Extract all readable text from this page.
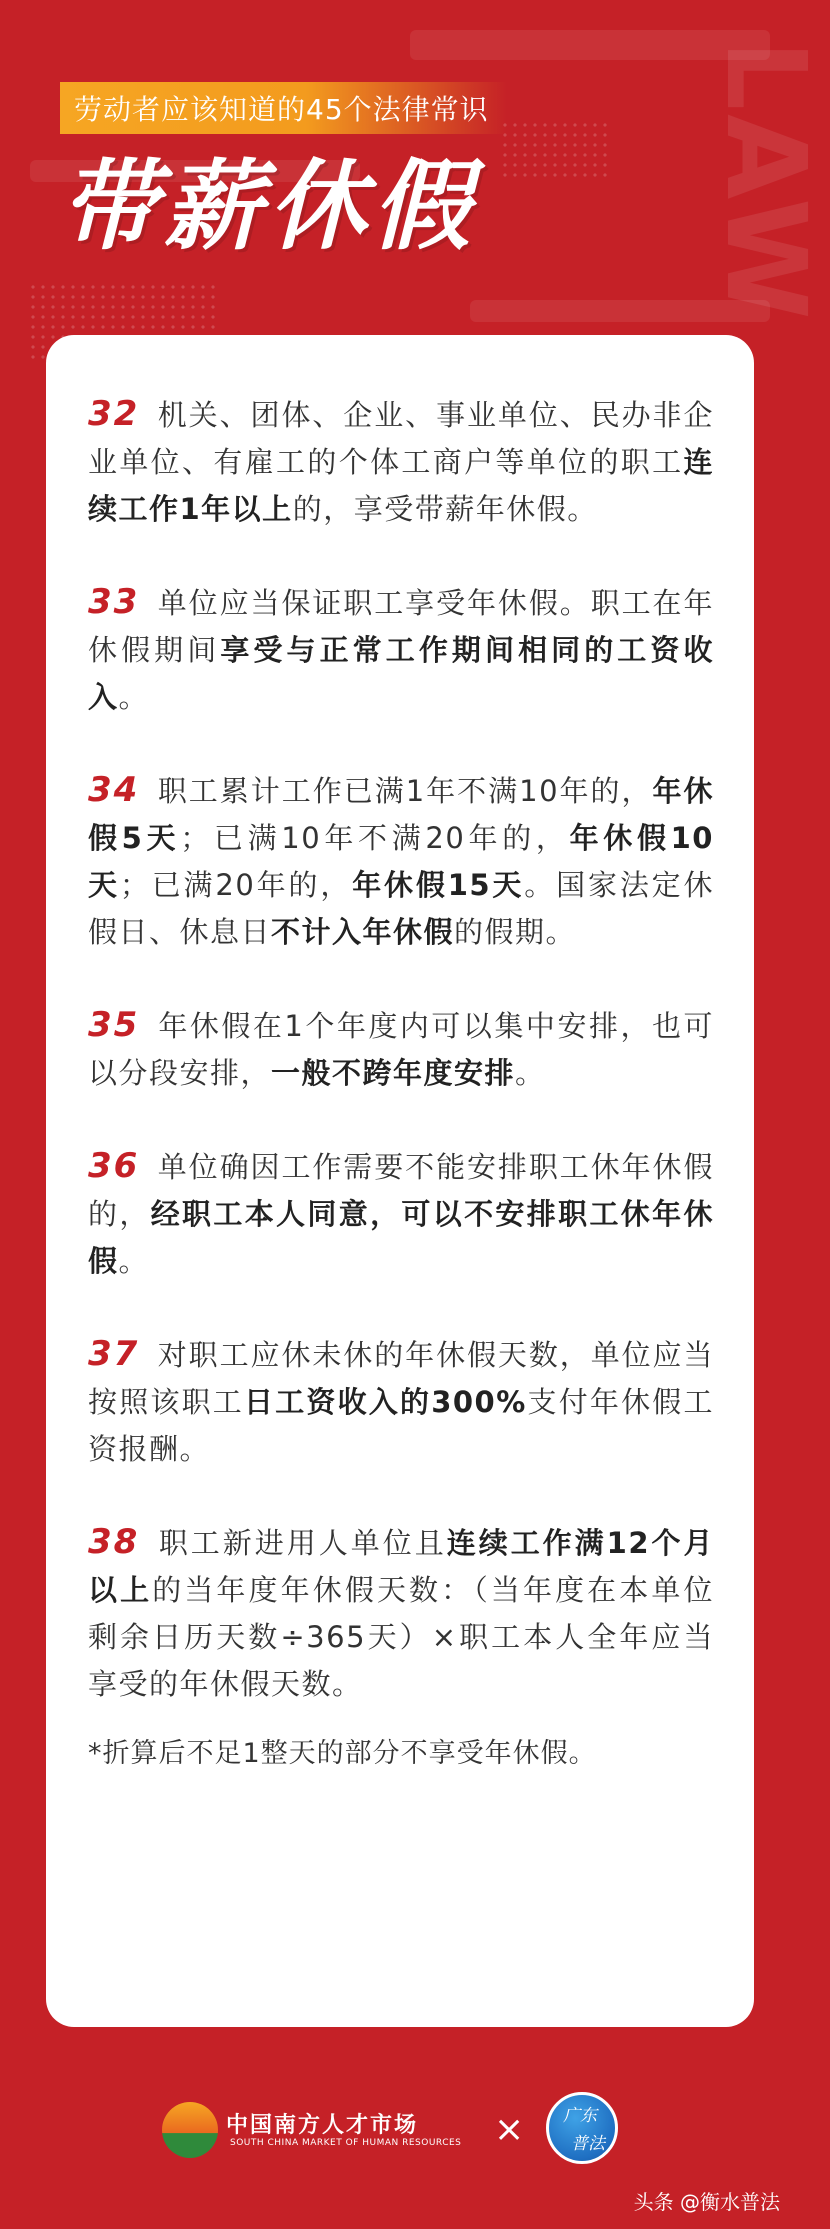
LAW
劳动者应该知道的45个法律常识
带薪休假
32 机关、团体、企业、事业单位、民办非企业单位、有雇工的个体工商户等单位的职工连续工作1年以上的，享受带薪年休假。
33 单位应当保证职工享受年休假。职工在年休假期间享受与正常工作期间相同的工资收入。
34 职工累计工作已满1年不满10年的，年休假5天；已满10年不满20年的，年休假10天；已满20年的，年休假15天。国家法定休假日、休息日不计入年休假的假期。
35 年休假在1个年度内可以集中安排，也可以分段安排，一般不跨年度安排。
36 单位确因工作需要不能安排职工休年休假的，经职工本人同意，可以不安排职工休年休假。
37 对职工应休未休的年休假天数，单位应当按照该职工日工资收入的300%支付年休假工资报酬。
38 职工新进用人单位且连续工作满12个月以上的当年度年休假天数：（当年度在本单位剩余日历天数÷365天）×职工本人全年应当享受的年休假天数。
*折算后不足1整天的部分不享受年休假。
中国南方人才市场
SOUTH CHINA MARKET OF HUMAN RESOURCES × 广东
普法
头条 @衡水普法
